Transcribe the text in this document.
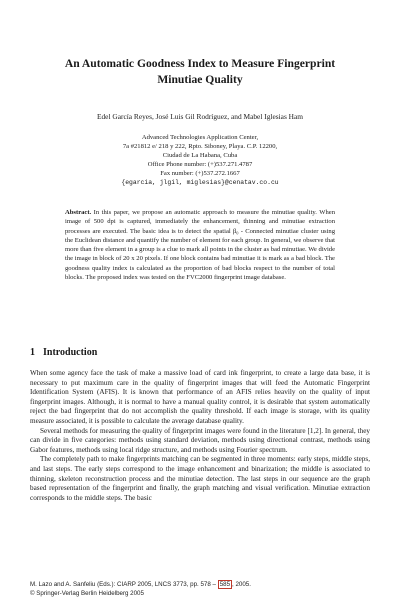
An Automatic Goodness Index to Measure Fingerprint
Minutiae Quality
Edel García Reyes, José Luis Gil Rodríguez, and Mabel Iglesias Ham
Advanced Technologies Application Center,
7a #21812 e/ 218 y 222, Rpto. Siboney, Playa. C.P. 12200,
Ciudad de La Habana, Cuba
Office Phone number: (+)537.271.4787
Fax number: (+)537.272.1667
{egarcia, jlgil, miglesias}@cenatav.co.cu
Abstract. In this paper, we propose an automatic approach to measure the minutiae quality. When image of 500 dpi is captured, immediately the enhancement, thinning and minutiae extraction processes are executed. The basic idea is to detect the spatial β₀ - Connected minutiae cluster using the Euclidean distance and quantify the number of element for each group. In general, we observe that more than five element in a group is a clue to mark all points in the cluster as bad minutiae. We divide the image in block of 20 x 20 pixels. If one block contains bad minutiae it is mark as a bad block. The goodness quality index is calculated as the proportion of bad blocks respect to the number of total blocks. The proposed index was tested on the FVC2000 fingerprint image database.
1 Introduction

When some agency face the task of make a massive load of card ink fingerprint, to create a large data base, it is necessary to put maximum care in the quality of fingerprint images that will feed the Automatic Fingerprint Identification System (AFIS). It is known that performance of an AFIS relies heavily on the quality of input fingerprint images. Although, it is normal to have a manual quality control, it is desirable that system automatically reject the bad fingerprint that do not accomplish the quality threshold. If each image is storage, with its quality measure associated, it is possible to calculate the average database quality.

Several methods for measuring the quality of fingerprint images were found in the literature [1,2]. In general, they can divide in five categories: methods using standard deviation, methods using directional contrast, methods using Gabor features, methods using local ridge structure, and methods using Fourier spectrum.

The completely path to make fingerprints matching can be segmented in three moments: early steps, middle steps, and last steps. The early steps correspond to the image enhancement and binarization; the middle is associated to thinning, skeleton reconstruction process and the minutiae detection. The last steps in our sequence are the graph based representation of the fingerprint and finally, the graph matching and visual verification. Minutiae extraction corresponds to the middle steps. The basic

M. Lazo and A. Sanfeliu (Eds.): CIARP 2005, LNCS 3773, pp. 578 – 585 , 2005.
© Springer-Verlag Berlin Heidelberg 2005
